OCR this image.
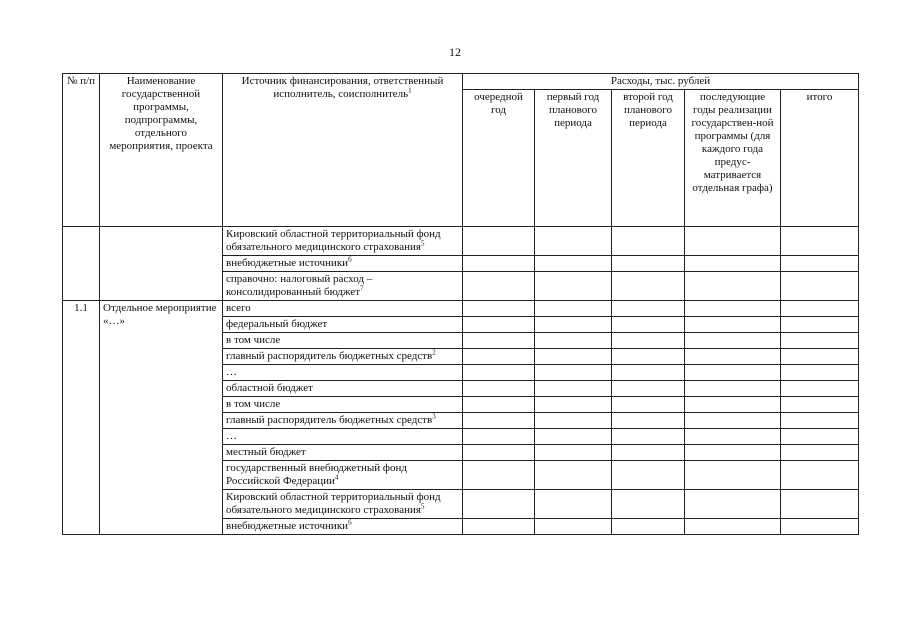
12
№ п/п	Наименование государственной программы, подпрограммы, отдельного мероприятия, проекта	Источник финансирования, ответственный исполнитель, соисполнитель$^1$	Расходы, тыс. рублей				
			очередной год	первый год планового периода	второй год планового периода	последующие годы реализации государствен-ной программы (для каждого года предус-матривается отдельная графа)	итого
		Кировский областной территориальный фонд обязательного медицинского страхования$^5$					
		внебюджетные источники$^6$					
		справочно: налоговый расход – консолидированный бюджет$^7$					
1.1	Отдельное мероприятие «…»	всего					
		федеральный бюджет					
		в том числе					
		главный распорядитель бюджетных средств$^2$					
		…					
		областной бюджет					
		в том числе					
		главный распорядитель бюджетных средств$^3$					
		…					
		местный бюджет					
		государственный внебюджетный фонд Российской Федерации$^4$					
		Кировский областной территориальный фонд обязательного медицинского страхования$^5$					
		внебюджетные источники$^6$					
